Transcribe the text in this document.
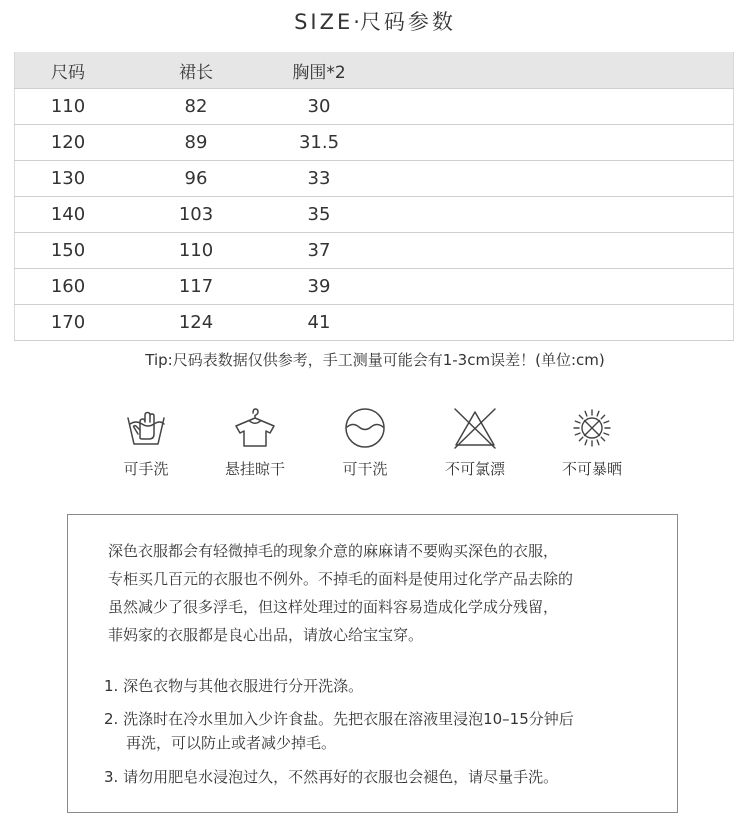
SIZE·尺码参数
尺码	裙长	胸围*2	
110	82	30	
120	89	31.5	
130	96	33	
140	103	35	
150	110	37	
160	117	39	
170	124	41	
Tip:尺码表数据仅供参考，手工测量可能会有1-3cm误差！(单位:cm)
可手洗	悬挂晾干	可干洗	不可氯漂	不可暴晒

深色衣服都会有轻微掉毛的现象介意的麻麻请不要购买深色的衣服，

专柜买几百元的衣服也不例外。不掉毛的面料是使用过化学产品去除的

虽然减少了很多浮毛，但这样处理过的面料容易造成化学成分残留，

菲妈家的衣服都是良心出品，请放心给宝宝穿。

1. 深色衣物与其他衣服进行分开洗涤。
2. 洗涤时在冷水里加入少许食盐。先把衣服在溶液里浸泡10–15分钟后
再洗，可以防止或者减少掉毛。
3. 请勿用肥皂水浸泡过久，不然再好的衣服也会褪色，请尽量手洗。
